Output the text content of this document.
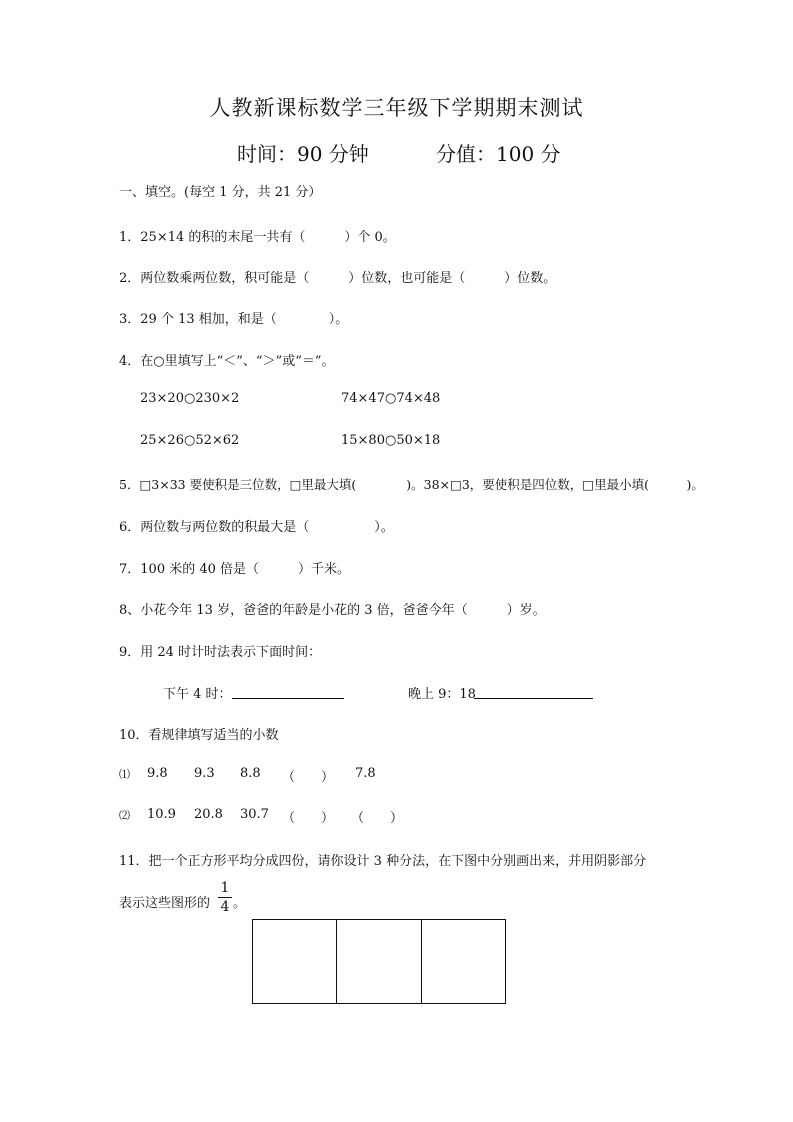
人教新课标数学三年级下学期期末测试
时间：90 分钟	分值：100 分
一、填空。(每空 1 分，共 21 分）
1．25×14 的积的末尾一共有（　　　）个 0。
2．两位数乘两位数，积可能是（　　　）位数，也可能是（　　　）位数。
3．29 个 13 相加，和是（　　　　）。
4．在○里填写上“＜”、“＞”或“＝”。
23×20○230×2	74×47○74×48
25×26○52×62	15×80○50×18
5．□3×33 要使积是三位数，□里最大填(　　　　)。38×□3，要使积是四位数，□里最小填(　　　)。
6．两位数与两位数的积最大是（　　　　　）。
7．100 米的 40 倍是（　　　）千米。
8、小花今年 13 岁，爸爸的年龄是小花的 3 倍，爸爸今年（　　　）岁。
9．用 24 时计时法表示下面时间：
下午 4 时：	晚上 9：18
10．看规律填写适当的小数
⑴ 9.8 9.3 8.8 （　　） 7.8
⑵ 10.9 20.8 30.7 （　　） （　　）
11．把一个正方形平均分成四份，请你设计 3 种分法，在下图中分别画出来，并用阴影部分
表示这些图形的
1
4 。
